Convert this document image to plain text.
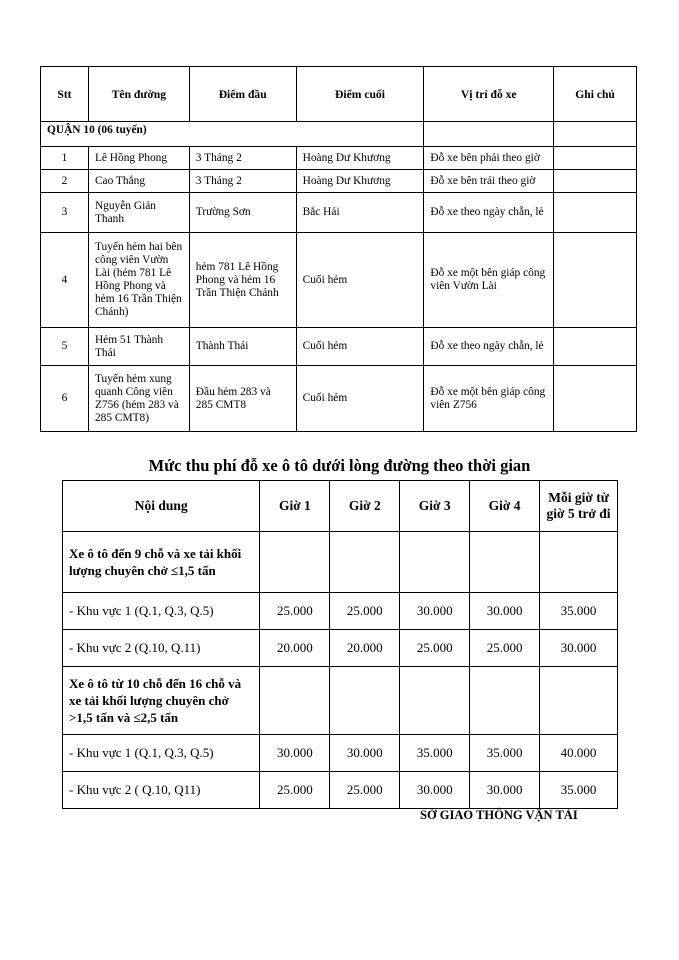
Stt	Tên đường	Điểm đầu	Điểm cuối	Vị trí đỗ xe	Ghi chú
QUẬN 10 (06 tuyến)					
1	Lê Hồng Phong	3 Tháng 2	Hoàng Dư Khương	Đỗ xe bên phải theo giờ	
2	Cao Thắng	3 Tháng 2	Hoàng Dư Khương	Đỗ xe bên trái theo giờ	
3	Nguyễn Giản Thanh	Trường Sơn	Bắc Hải	Đỗ xe theo ngày chẵn, lẻ	
4	Tuyến hẻm hai bên công viên Vườn Lài (hẻm 781 Lê Hồng Phong và hẻm 16 Trần Thiện Chánh)	hẻm 781 Lê Hồng Phong và hẻm 16 Trần Thiện Chánh	Cuối hẻm	Đỗ xe một bên giáp công viên Vườn Lài	
5	Hẻm 51 Thành Thái	Thành Thái	Cuối hẻm	Đỗ xe theo ngày chẵn, lẻ	
6	Tuyến hẻm xung quanh Công viên Z756 (hẻm 283 và 285 CMT8)	Đầu hẻm 283 và 285 CMT8	Cuối hẻm	Đỗ xe một bên giáp công viên Z756	
Mức thu phí đỗ xe ô tô dưới lòng đường theo thời gian
Nội dung	Giờ 1	Giờ 2	Giờ 3	Giờ 4	Mỗi giờ từ giờ 5 trở đi
Xe ô tô đến 9 chỗ và xe tải khối lượng chuyên chở ≤1,5 tấn					
- Khu vực 1 (Q.1, Q.3, Q.5)	25.000	25.000	30.000	30.000	35.000
- Khu vực 2 (Q.10, Q.11)	20.000	20.000	25.000	25.000	30.000
Xe ô tô từ 10 chỗ đến 16 chỗ và xe tải khối lượng chuyên chở >1,5 tấn và ≤2,5 tấn					
- Khu vực 1 (Q.1, Q.3, Q.5)	30.000	30.000	35.000	35.000	40.000
- Khu vực 2 ( Q.10, Q11)	25.000	25.000	30.000	30.000	35.000

SỞ GIAO THÔNG VẬN TẢI
